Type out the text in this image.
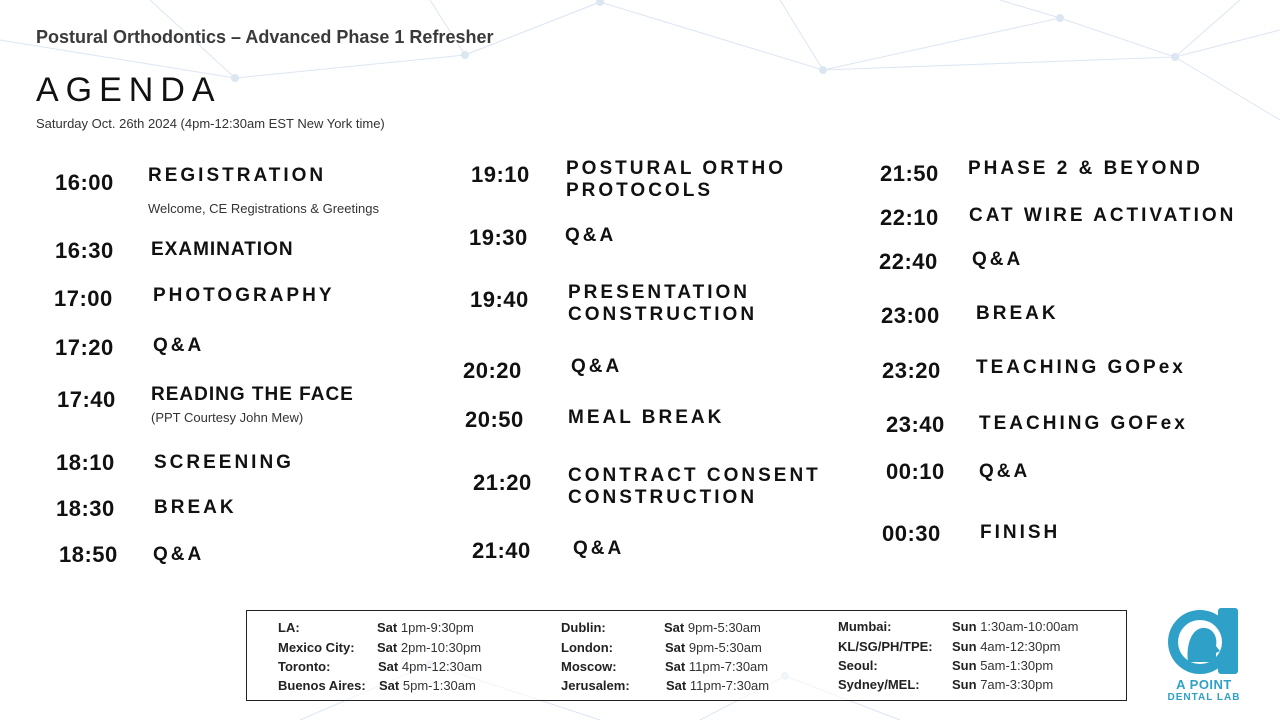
Postural Orthodontics – Advanced Phase 1 Refresher
AGENDA
Saturday Oct. 26th 2024 (4pm-12:30am EST New York time)
16:00 REGISTRATION
Welcome, CE Registrations & Greetings
16:30 EXAMINATION
17:00 PHOTOGRAPHY
17:20 Q&A
17:40 READING THE FACE
(PPT Courtesy John Mew)
18:10 SCREENING
18:30 BREAK
18:50 Q&A
19:10 POSTURAL ORTHO
PROTOCOLS
19:30 Q&A
19:40 PRESENTATION
CONSTRUCTION
20:20	Q&A
20:50 MEAL BREAK
21:20 CONTRACT CONSENT
CONSTRUCTION
21:40 Q&A
21:50 PHASE 2 & BEYOND
22:10 CAT WIRE ACTIVATION
22:40 Q&A
23:00 BREAK
23:20 TEACHING GOPex
23:40 TEACHING GOFex
00:10 Q&A
00:30 FINISH
LA:	Sat 1pm-9:30pm
Mexico City: Sat 2pm-10:30pm
Toronto:	Sat 4pm-12:30am
Buenos Aires: Sat 5pm-1:30am
Dublin:	Sat 9pm-5:30am
London:	Sat 9pm-5:30am
Moscow:	Sat 11pm-7:30am
Jerusalem:	Sat 11pm-7:30am
Mumbai:	Sun 1:30am-10:00am
KL/SG/PH/TPE: Sun 4am-12:30pm
Seoul:	Sun 5am-1:30pm
Sydney/MEL: Sun 7am-3:30pm	A POINT
DENTAL LAB
